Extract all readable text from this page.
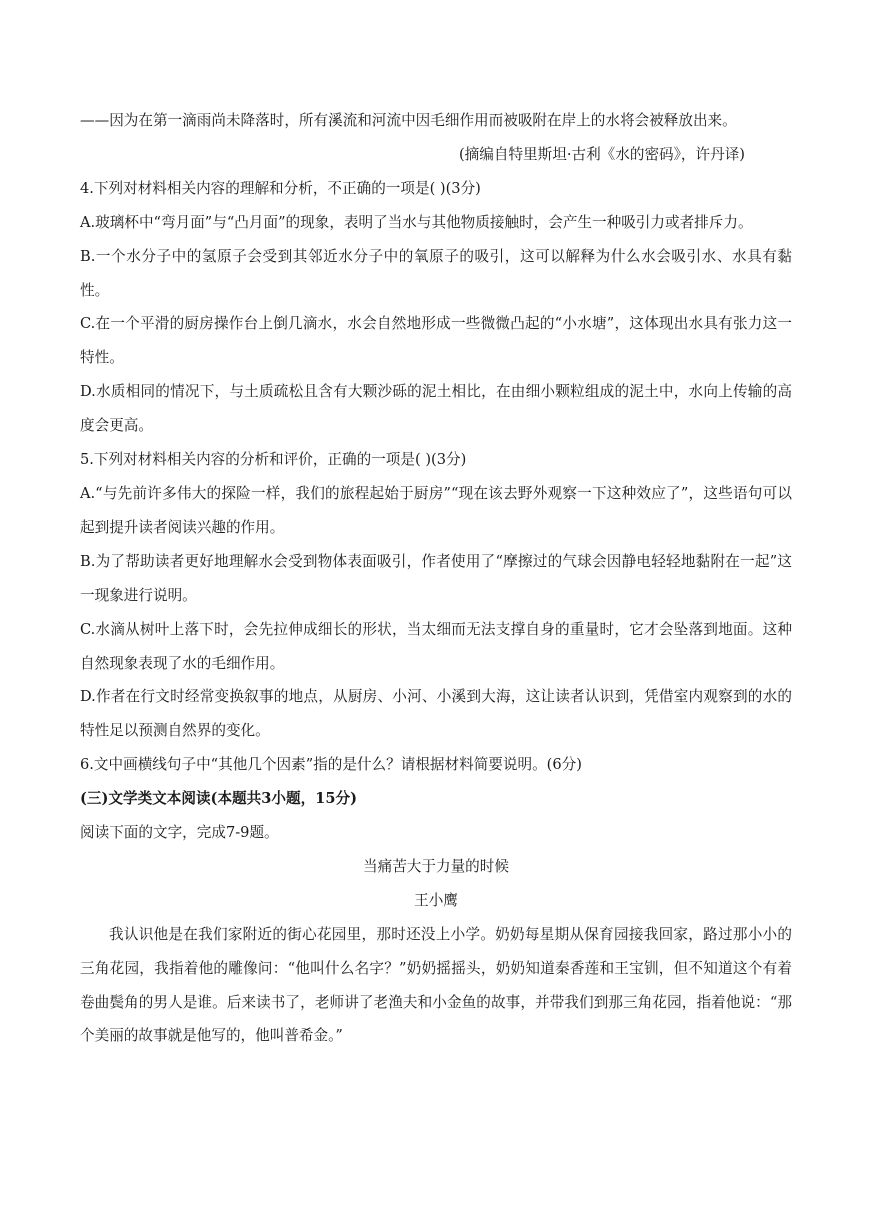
——因为在第一滴雨尚未降落时，所有溪流和河流中因毛细作用而被吸附在岸上的水将会被释放出来。

(摘编自特里斯坦·古利《水的密码》，许丹译)

4.下列对材料相关内容的理解和分析，不正确的一项是( )(3分)

A.玻璃杯中“弯月面”与“凸月面”的现象，表明了当水与其他物质接触时，会产生一种吸引力或者排斥力。

B.一个水分子中的氢原子会受到其邻近水分子中的氧原子的吸引，这可以解释为什么水会吸引水、水具有黏性。

C.在一个平滑的厨房操作台上倒几滴水，水会自然地形成一些微微凸起的“小水塘”，这体现出水具有张力这一特性。

D.水质相同的情况下，与土质疏松且含有大颗沙砾的泥土相比，在由细小颗粒组成的泥土中，水向上传输的高度会更高。

5.下列对材料相关内容的分析和评价，正确的一项是( )(3分)

A.“与先前许多伟大的探险一样，我们的旅程起始于厨房”“现在该去野外观察一下这种效应了”，这些语句可以起到提升读者阅读兴趣的作用。

B.为了帮助读者更好地理解水会受到物体表面吸引，作者使用了“摩擦过的气球会因静电轻轻地黏附在一起”这一现象进行说明。

C.水滴从树叶上落下时，会先拉伸成细长的形状，当太细而无法支撑自身的重量时，它才会坠落到地面。这种自然现象表现了水的毛细作用。

D.作者在行文时经常变换叙事的地点，从厨房、小河、小溪到大海，这让读者认识到，凭借室内观察到的水的特性足以预测自然界的变化。

6.文中画横线句子中“其他几个因素”指的是什么？请根据材料简要说明。(6分)

(三)文学类文本阅读(本题共3小题，15分)

阅读下面的文字，完成7-9题。

当痛苦大于力量的时候

王小鹰

我认识他是在我们家附近的街心花园里，那时还没上小学。奶奶每星期从保育园接我回家，路过那小小的三角花园，我指着他的雕像问：“他叫什么名字？”奶奶摇摇头，奶奶知道秦香莲和王宝钏，但不知道这个有着卷曲鬓角的男人是谁。后来读书了，老师讲了老渔夫和小金鱼的故事，并带我们到那三角花园，指着他说：“那个美丽的故事就是他写的，他叫普希金。”
